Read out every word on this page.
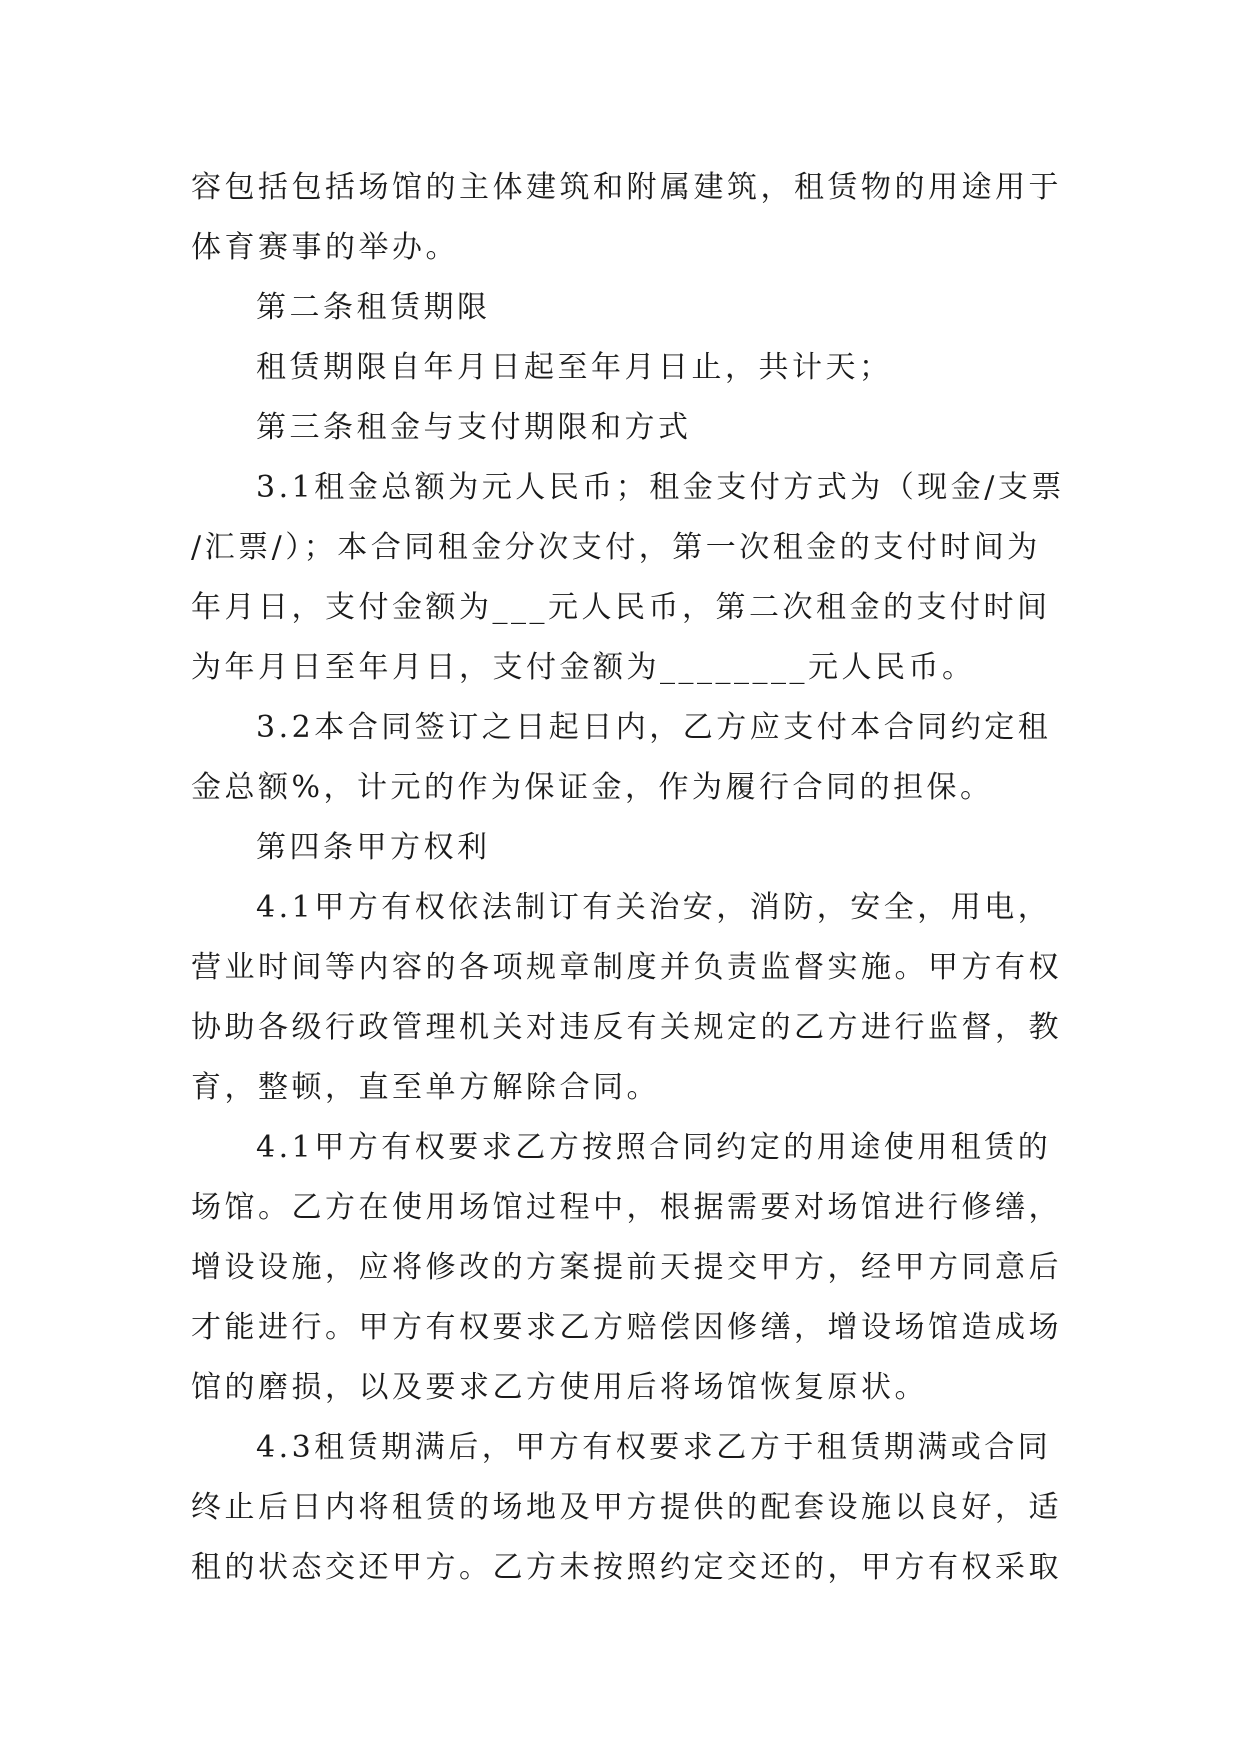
容包括包括场馆的主体建筑和附属建筑，租赁物的用途用于
体育赛事的举办。
第二条租赁期限
租赁期限自年月日起至年月日止，共计天；
第三条租金与支付期限和方式
3.1租金总额为元人民币；租金支付方式为（现金/支票
/汇票/）；本合同租金分次支付，第一次租金的支付时间为
年月日，支付金额为___元人民币，第二次租金的支付时间
为年月日至年月日，支付金额为________元人民币。
3.2本合同签订之日起日内，乙方应支付本合同约定租
金总额%，计元的作为保证金，作为履行合同的担保。
第四条甲方权利
4.1甲方有权依法制订有关治安，消防，安全，用电，
营业时间等内容的各项规章制度并负责监督实施。甲方有权
协助各级行政管理机关对违反有关规定的乙方进行监督，教
育，整顿，直至单方解除合同。
4.1甲方有权要求乙方按照合同约定的用途使用租赁的
场馆。乙方在使用场馆过程中，根据需要对场馆进行修缮，
增设设施，应将修改的方案提前天提交甲方，经甲方同意后
才能进行。甲方有权要求乙方赔偿因修缮，增设场馆造成场
馆的磨损，以及要求乙方使用后将场馆恢复原状。
4.3租赁期满后，甲方有权要求乙方于租赁期满或合同
终止后日内将租赁的场地及甲方提供的配套设施以良好，适
租的状态交还甲方。乙方未按照约定交还的，甲方有权采取
